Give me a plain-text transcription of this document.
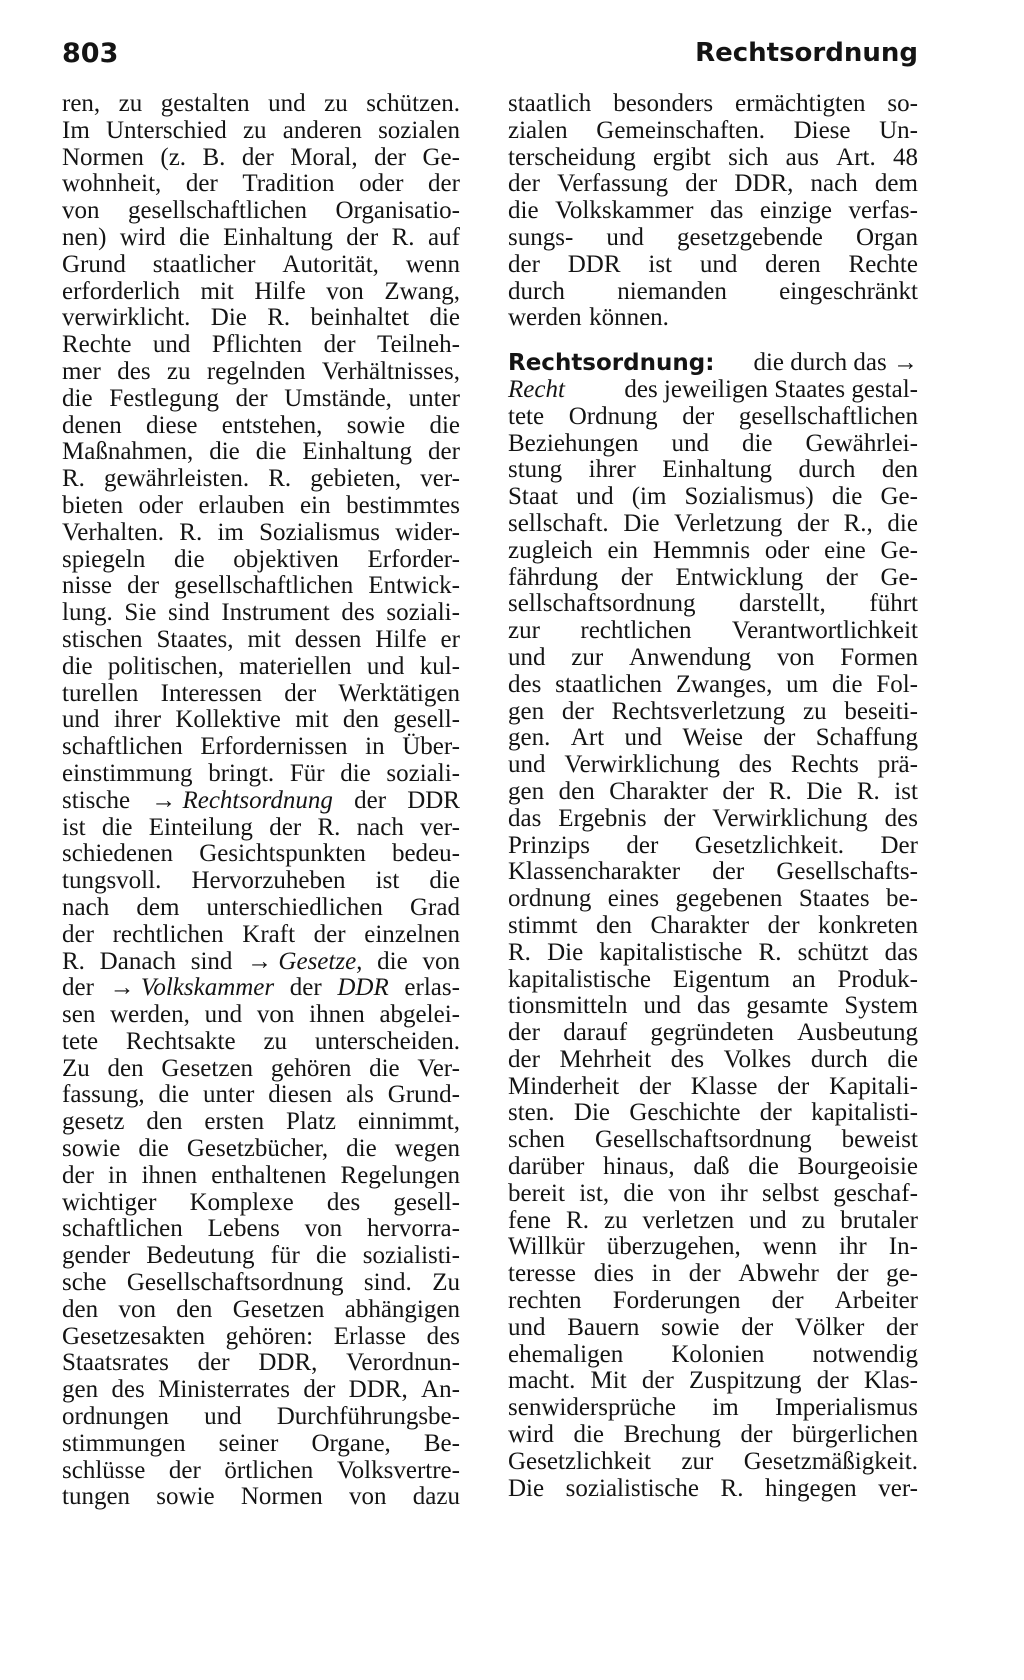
803	Rechtsordnung
ren, zu gestalten und zu schützen.
Im Unterschied zu anderen sozialen
Normen (z. B. der Moral, der Ge-
wohnheit, der Tradition oder der
von gesellschaftlichen Organisatio-
nen) wird die Einhaltung der R. auf
Grund staatlicher Autorität, wenn
erforderlich mit Hilfe von Zwang,
verwirklicht. Die R. beinhaltet die
Rechte und Pflichten der Teilneh-
mer des zu regelnden Verhältnisses,
die Festlegung der Umstände, unter
denen diese entstehen, sowie die
Maßnahmen, die die Einhaltung der
R. gewährleisten. R. gebieten, ver-
bieten oder erlauben ein bestimmtes
Verhalten. R. im Sozialismus wider-
spiegeln die objektiven Erforder-
nisse der gesellschaftlichen Entwick-
lung. Sie sind Instrument des soziali-
stischen Staates, mit dessen Hilfe er
die politischen, materiellen und kul-
turellen Interessen der Werktätigen
und ihrer Kollektive mit den gesell-
schaftlichen Erfordernissen in Über-
einstimmung bringt. Für die soziali-
stische → Rechtsordnung der DDR
ist die Einteilung der R. nach ver-
schiedenen Gesichtspunkten bedeu-
tungsvoll. Hervorzuheben ist die
nach dem unterschiedlichen Grad
der rechtlichen Kraft der einzelnen
R. Danach sind → Gesetze, die von
der → Volkskammer der DDR erlas-
sen werden, und von ihnen abgelei-
tete Rechtsakte zu unterscheiden.
Zu den Gesetzen gehören die Ver-
fassung, die unter diesen als Grund-
gesetz den ersten Platz einnimmt,
sowie die Gesetzbücher, die wegen
der in ihnen enthaltenen Regelungen
wichtiger Komplexe des gesell-
schaftlichen Lebens von hervorra-
gender Bedeutung für die sozialisti-
sche Gesellschaftsordnung sind. Zu
den von den Gesetzen abhängigen
Gesetzesakten gehören: Erlasse des
Staatsrates der DDR, Verordnun-
gen des Ministerrates der DDR, An-
ordnungen und Durchführungsbe-
stimmungen seiner Organe, Be-
schlüsse der örtlichen Volksvertre-
tungen sowie Normen von dazu
staatlich besonders ermächtigten so-
zialen Gemeinschaften. Diese Un-
terscheidung ergibt sich aus Art. 48
der Verfassung der DDR, nach dem
die Volkskammer das einzige verfas-
sungs- und gesetzgebende Organ
der DDR ist und deren Rechte
durch niemanden eingeschränkt
werden können.
Rechtsordnung: die durch das →
Recht des jeweiligen Staates gestal-
tete Ordnung der gesellschaftlichen
Beziehungen und die Gewährlei-
stung ihrer Einhaltung durch den
Staat und (im Sozialismus) die Ge-
sellschaft. Die Verletzung der R., die
zugleich ein Hemmnis oder eine Ge-
fährdung der Entwicklung der Ge-
sellschaftsordnung darstellt, führt
zur rechtlichen Verantwortlichkeit
und zur Anwendung von Formen
des staatlichen Zwanges, um die Fol-
gen der Rechtsverletzung zu beseiti-
gen. Art und Weise der Schaffung
und Verwirklichung des Rechts prä-
gen den Charakter der R. Die R. ist
das Ergebnis der Verwirklichung des
Prinzips der Gesetzlichkeit. Der
Klassencharakter der Gesellschafts-
ordnung eines gegebenen Staates be-
stimmt den Charakter der konkreten
R. Die kapitalistische R. schützt das
kapitalistische Eigentum an Produk-
tionsmitteln und das gesamte System
der darauf gegründeten Ausbeutung
der Mehrheit des Volkes durch die
Minderheit der Klasse der Kapitali-
sten. Die Geschichte der kapitalisti-
schen Gesellschaftsordnung beweist
darüber hinaus, daß die Bourgeoisie
bereit ist, die von ihr selbst geschaf-
fene R. zu verletzen und zu brutaler
Willkür überzugehen, wenn ihr In-
teresse dies in der Abwehr der ge-
rechten Forderungen der Arbeiter
und Bauern sowie der Völker der
ehemaligen Kolonien notwendig
macht. Mit der Zuspitzung der Klas-
senwidersprüche im Imperialismus
wird die Brechung der bürgerlichen
Gesetzlichkeit zur Gesetzmäßigkeit.
Die sozialistische R. hingegen ver-
